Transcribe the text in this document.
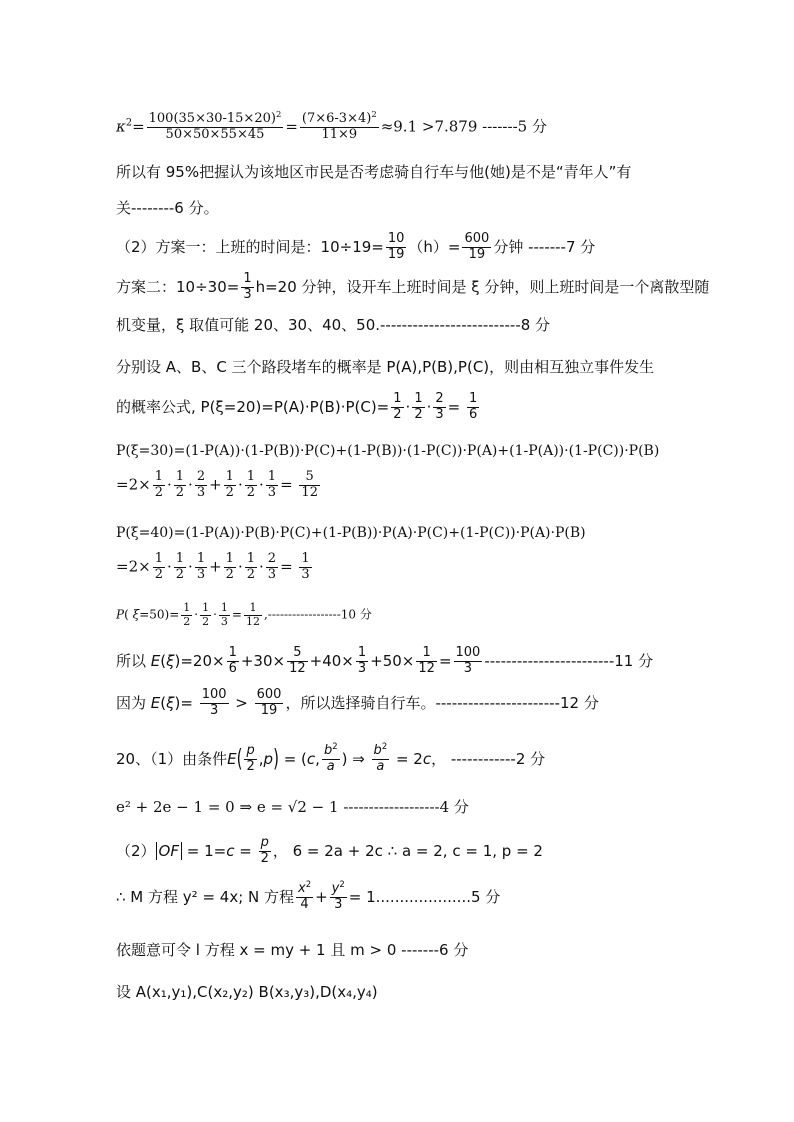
$\kappa^2= \frac{100(35\times 30-15\times 20)^2}{50\times 50\times 55\times 45} = \frac{(7\times 6-3\times 4)^2}{11\times 9} \approx 9.1 >7.879$ -------5 分
所以有 95%把握认为该地区市民是否考虑骑自行车与他(她)是不是“青年人”有
关--------6 分。
（2）方案一：上班的时间是：$10\div 19= \frac{10}{19} (h)= \frac{600}{19}$ 分钟 -------7 分
方案二：$10\div 30= \frac{1}{3} h=20$ 分钟，设开车上班时间是 ξ 分钟，则上班时间是一个离散型随
机变量，ξ 取值可能 20、30、40、50.--------------------------8 分
分别设 A、B、C 三个路段堵车的概率是 P(A),P(B),P(C)，则由相互独立事件发生
的概率公式, $P(\xi=20)=P(A)\cdot P(B)\cdot P(C)= \frac{1}{2} \cdot \frac{1}{2} \cdot \frac{2}{3} = \frac{1}{6}$
P(ξ=30)=(1-P(A))·(1-P(B))·P(C)+(1-P(B))·(1-P(C))·P(A)+(1-P(A))·(1-P(C))·P(B)
$=2\times \frac{1}{2} \cdot \frac{1}{2} \cdot \frac{2}{3} + \frac{1}{2} \cdot \frac{1}{2} \cdot \frac{1}{3} = \frac{5}{12}$
P(ξ=40)=(1-P(A))·P(B)·P(C)+(1-P(B))·P(A)·P(C)+(1-P(C))·P(A)·P(B)
$=2\times \frac{1}{2} \cdot \frac{1}{2} \cdot \frac{1}{3} + \frac{1}{2} \cdot \frac{1}{2} \cdot \frac{2}{3} = \frac{1}{3}$
P( $\xi=50)= \frac{1}{2} \cdot \frac{1}{2} \cdot \frac{1}{3} = \frac{1}{12} ,------------------10$ 分
所以 $E(\xi)=20\times \frac{1}{6} +30\times \frac{5}{12} +40\times \frac{1}{3} +50\times \frac{1}{12} = \frac{100}{3} ------------------------11$ 分
因为 $E(\xi)= \frac{100}{3} > \frac{600}{19}$ ，所以选择骑自行车。-----------------------12 分
20、（1）由条件$E( \frac{p}{2} ,p) = (c$, $\frac{b^2}{a}$ ) ⇒ $\frac{b^2}{a} = 2c$， ------------2 分
e² + 2e − 1 = 0 ⇒ e = √2 − 1 -------------------4 分
（2） OF = $1=c = \frac{p}{2}$ ， 6 = 2a + 2c ∴ a = 2, c = 1, p = 2
∴ M 方程 y² = 4x; N 方程 $\frac{x^2}{4} + \frac{y^2}{3} = 1....................5$ 分
依题意可令 l 方程 x = my + 1 且 m > 0 -------6 分
设 A(x₁,y₁),C(x₂,y₂) B(x₃,y₃),D(x₄,y₄)
